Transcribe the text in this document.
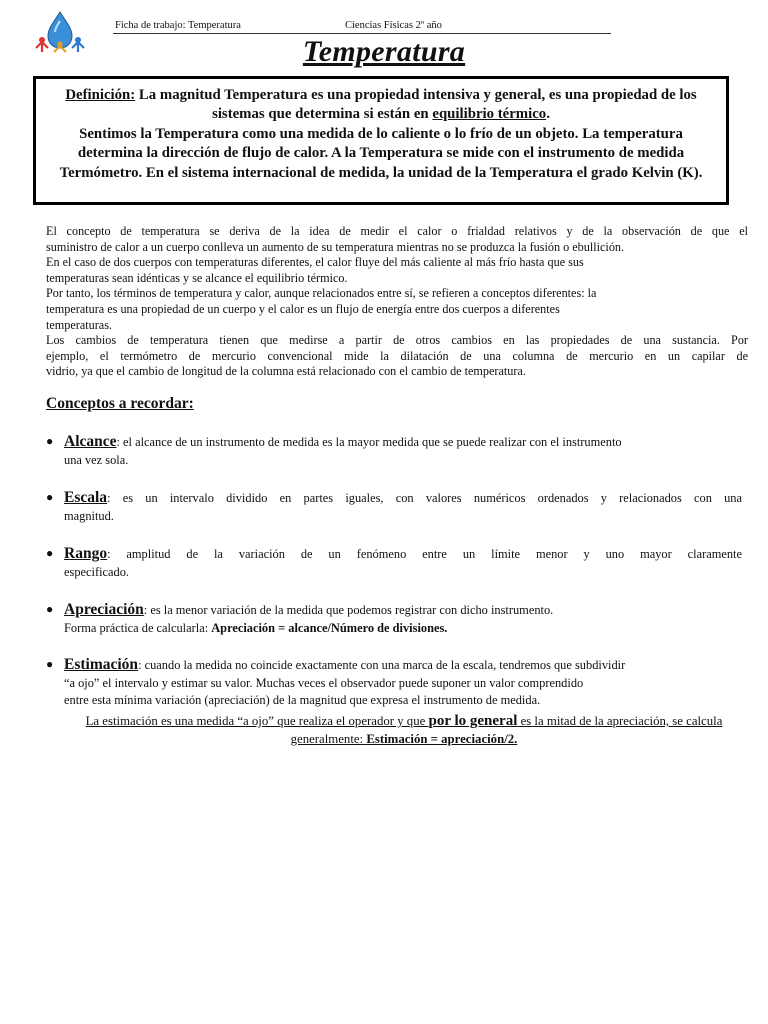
Ficha de trabajo: Temperatura	Ciencias Físicas 2º año
Temperatura
Definición: La magnitud Temperatura es una propiedad intensiva y general, es una propiedad de los sistemas que determina si están en equilibrio térmico.
Sentimos la Temperatura como una medida de lo caliente o lo frío de un objeto. La temperatura determina la dirección de flujo de calor. A la Temperatura se mide con el instrumento de medida Termómetro. En el sistema internacional de medida, la unidad de la Temperatura el grado Kelvin (K).

El concepto de temperatura se deriva de la idea de medir el calor o frialdad relativos y de la observación de que el

suministro de calor a un cuerpo conlleva un aumento de su temperatura mientras no se produzca la fusión o ebullición.

En el caso de dos cuerpos con temperaturas diferentes, el calor fluye del más caliente al más frío hasta que sus

temperaturas sean idénticas y se alcance el equilibrio térmico.

Por tanto, los términos de temperatura y calor, aunque relacionados entre sí, se refieren a conceptos diferentes: la

temperatura es una propiedad de un cuerpo y el calor es un flujo de energía entre dos cuerpos a diferentes

temperaturas.

Los cambios de temperatura tienen que medirse a partir de otros cambios en las propiedades de una sustancia. Por

ejemplo, el termómetro de mercurio convencional mide la dilatación de una columna de mercurio en un capilar de

vidrio, ya que el cambio de longitud de la columna está relacionado con el cambio de temperatura.

Conceptos a recordar:
● Alcance: el alcance de un instrumento de medida es la mayor medida que se puede realizar con el instrumento

una vez sola.

● Escala: es un intervalo dividido en partes iguales, con valores numéricos ordenados y relacionados con una

magnitud.

● Rango: amplitud de la variación de un fenómeno entre un límite menor y uno mayor claramente

especificado.

● Apreciación: es la menor variación de la medida que podemos registrar con dicho instrumento.

Forma práctica de calcularla: Apreciación = alcance/Número de divisiones.

● Estimación: cuando la medida no coincide exactamente con una marca de la escala, tendremos que subdividir

“a ojo” el intervalo y estimar su valor. Muchas veces el observador puede suponer un valor comprendido

entre esta mínima variación (apreciación) de la magnitud que expresa el instrumento de medida.

La estimación es una medida “a ojo” que realiza el operador y que por lo general es la mitad de la apreciación, se calcula generalmente: Estimación = apreciación/2.
